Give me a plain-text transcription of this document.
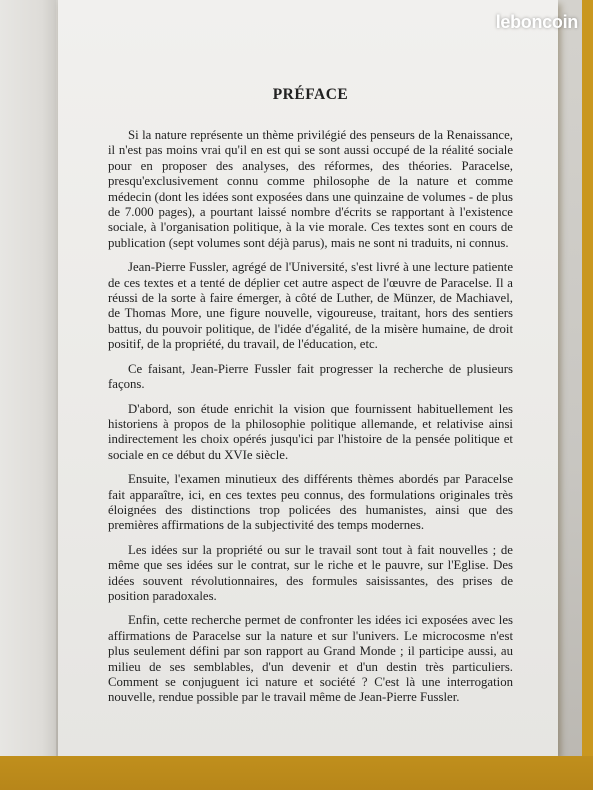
PRÉFACE

Si la nature représente un thème privilégié des penseurs de la Renaissance, il n'est pas moins vrai qu'il en est qui se sont aussi occupé de la réalité sociale pour en proposer des analyses, des réformes, des théories. Paracelse, presqu'exclusivement connu comme philosophe de la nature et comme médecin (dont les idées sont exposées dans une quinzaine de volumes - de plus de 7.000 pages), a pourtant laissé nombre d'écrits se rapportant à l'existence sociale, à l'organisation politique, à la vie morale. Ces textes sont en cours de publication (sept volumes sont déjà parus), mais ne sont ni traduits, ni connus.

Jean-Pierre Fussler, agrégé de l'Université, s'est livré à une lecture patiente de ces textes et a tenté de déplier cet autre aspect de l'œuvre de Paracelse. Il a réussi de la sorte à faire émerger, à côté de Luther, de Münzer, de Machiavel, de Thomas More, une figure nouvelle, vigoureuse, traitant, hors des sentiers battus, du pouvoir politique, de l'idée d'égalité, de la misère humaine, de droit positif, de la propriété, du travail, de l'éducation, etc.

Ce faisant, Jean-Pierre Fussler fait progresser la recherche de plusieurs façons.

D'abord, son étude enrichit la vision que fournissent habituellement les historiens à propos de la philosophie politique allemande, et relativise ainsi indirectement les choix opérés jusqu'ici par l'histoire de la pensée politique et sociale en ce début du XVIe siècle.

Ensuite, l'examen minutieux des différents thèmes abordés par Paracelse fait apparaître, ici, en ces textes peu connus, des formulations originales très éloignées des distinctions trop policées des humanistes, ainsi que des premières affirmations de la subjectivité des temps modernes.

Les idées sur la propriété ou sur le travail sont tout à fait nouvelles ; de même que ses idées sur le contrat, sur le riche et le pauvre, sur l'Eglise. Des idées souvent révolutionnaires, des formules saisissantes, des prises de position paradoxales.

Enfin, cette recherche permet de confronter les idées ici exposées avec les affirmations de Paracelse sur la nature et sur l'univers. Le microcosme n'est plus seulement défini par son rapport au Grand Monde ; il participe aussi, au milieu de ses semblables, d'un devenir et d'un destin très particuliers. Comment se conjuguent ici nature et société ? C'est là une interrogation nouvelle, rendue possible par le travail même de Jean-Pierre Fussler.

leboncoin
